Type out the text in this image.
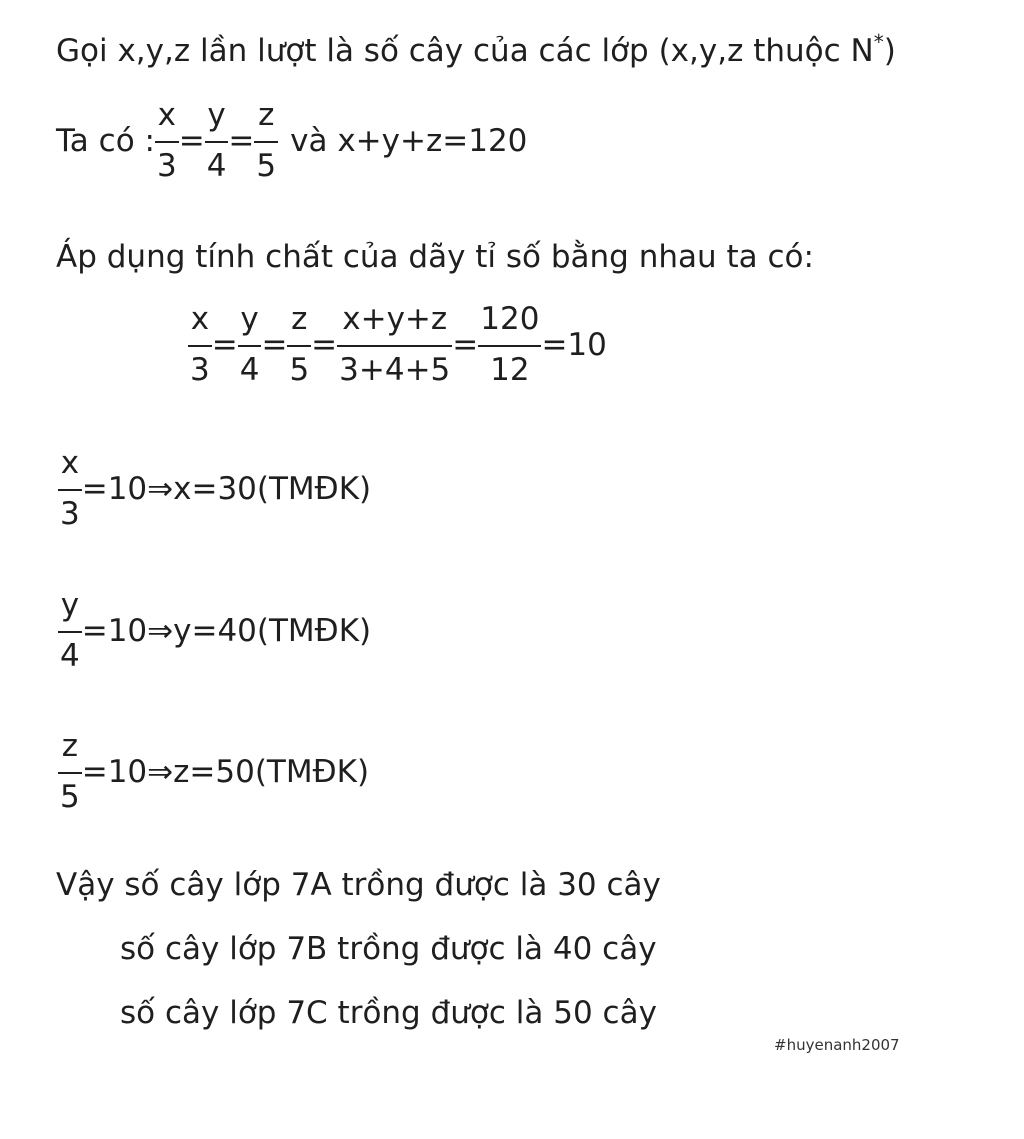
Gọi x,y,z lần lượt là số cây của các lớp (x,y,z thuộc N*)
Ta có : $\frac{x}{3} = \frac{y}{4} = \frac{z}{5}$ và x+y+z=120
Áp dụng tính chất của dãy tỉ số bằng nhau ta có:
$\frac{x}{3} = \frac{y}{4} = \frac{z}{5} = \frac{x+y+z}{3+4+5} = \frac{120}{12} =10$
$\frac{x}{3}$ =10⇒x=30(TMĐK)
$\frac{y}{4}$ =10⇒y=40(TMĐK)
$\frac{z}{5}$ =10⇒z=50(TMĐK)
Vậy số cây lớp 7A trồng được là 30 cây
số cây lớp 7B trồng được là 40 cây
số cây lớp 7C trồng được là 50 cây
#huyenanh2007
